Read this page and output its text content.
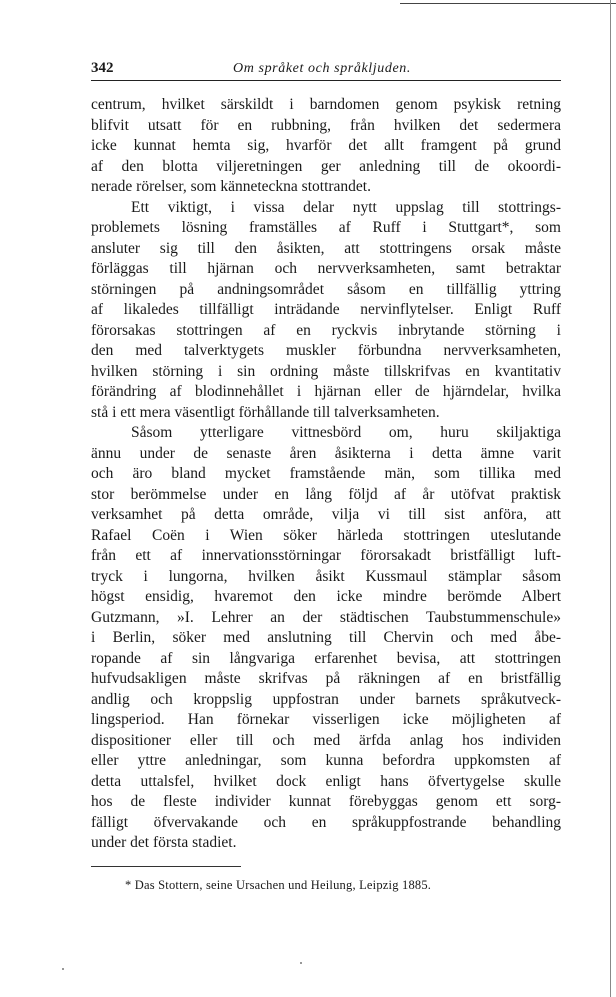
342	Om språket och språkljuden.
centrum, hvilket särskildt i barndomen genom psykisk retning
blifvit utsatt för en rubbning, från hvilken det sedermera
icke kunnat hemta sig, hvarför det allt framgent på grund
af den blotta viljeretningen ger anledning till de okoordi-
nerade rörelser, som känneteckna stottrandet.
Ett viktigt, i vissa delar nytt uppslag till stottrings-
problemets lösning framställes af Ruff i Stuttgart*, som
ansluter sig till den åsikten, att stottringens orsak måste
förläggas till hjärnan och nervverksamheten, samt betraktar
störningen på andningsområdet såsom en tillfällig yttring
af likaledes tillfälligt inträdande nervinflytelser. Enligt Ruff
förorsakas stottringen af en ryckvis inbrytande störning i
den med talverktygets muskler förbundna nervverksamheten,
hvilken störning i sin ordning måste tillskrifvas en kvantitativ
förändring af blodinnehållet i hjärnan eller de hjärndelar, hvilka
stå i ett mera väsentligt förhållande till talverksamheten.
Såsom ytterligare vittnesbörd om, huru skiljaktiga
ännu under de senaste åren åsikterna i detta ämne varit
och äro bland mycket framstående män, som tillika med
stor berömmelse under en lång följd af år utöfvat praktisk
verksamhet på detta område, vilja vi till sist anföra, att
Rafael Coën i Wien söker härleda stottringen uteslutande
från ett af innervationsstörningar förorsakadt bristfälligt luft-
tryck i lungorna, hvilken åsikt Kussmaul stämplar såsom
högst ensidig, hvaremot den icke mindre berömde Albert
Gutzmann, »I. Lehrer an der städtischen Taubstummenschule»
i Berlin, söker med anslutning till Chervin och med åbe-
ropande af sin långvariga erfarenhet bevisa, att stottringen
hufvudsakligen måste skrifvas på räkningen af en bristfällig
andlig och kroppslig uppfostran under barnets språkutveck-
lingsperiod. Han förnekar visserligen icke möjligheten af
dispositioner eller till och med ärfda anlag hos individen
eller yttre anledningar, som kunna befordra uppkomsten af
detta uttalsfel, hvilket dock enligt hans öfvertygelse skulle
hos de fleste individer kunnat förebyggas genom ett sorg-
fälligt öfvervakande och en språkuppfostrande behandling
under det första stadiet.
* Das Stottern, seine Ursachen und Heilung, Leipzig 1885.
